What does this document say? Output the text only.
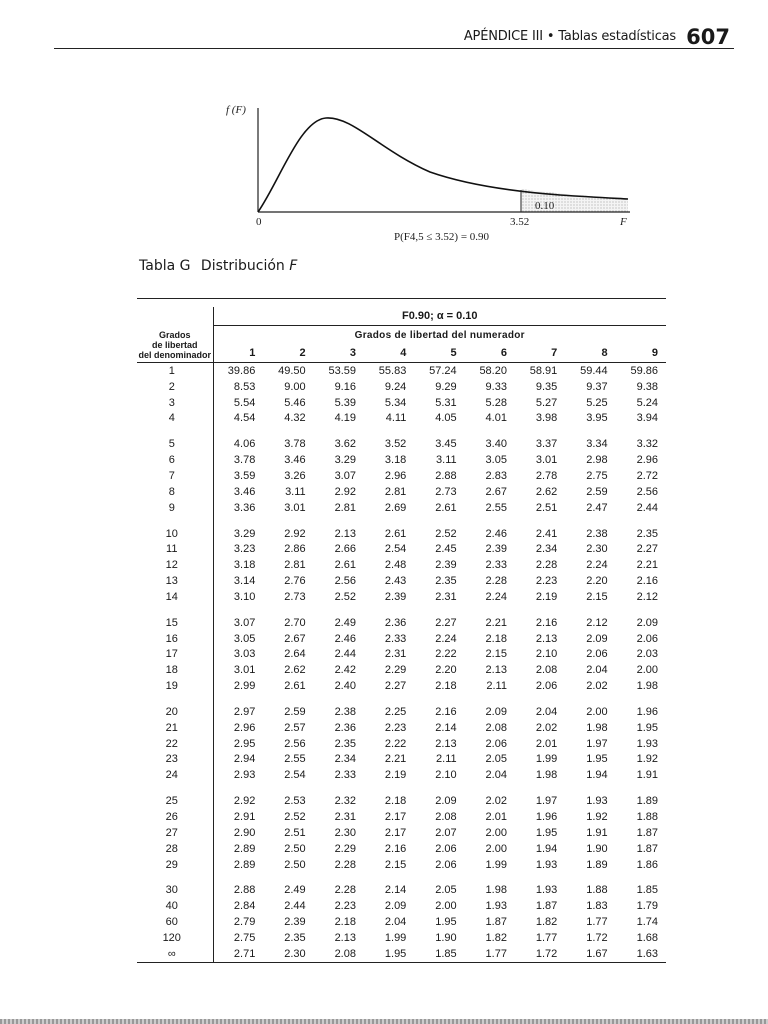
APÉNDICE III • Tablas estadísticas 607
f (F)
0	3.52	F
0.10
P(F4,5 ≤ 3.52) = 0.90
Tabla G Distribución F

	F0.90; α = 0.10								

Grados
de libertad
del denominador	Grados de libertad del numerador								
	1	2	3	4	5	6	7	8	9
1	39.86	49.50	53.59	55.83	57.24	58.20	58.91	59.44	59.86
2	8.53	9.00	9.16	9.24	9.29	9.33	9.35	9.37	9.38
3	5.54	5.46	5.39	5.34	5.31	5.28	5.27	5.25	5.24
4	4.54	4.32	4.19	4.11	4.05	4.01	3.98	3.95	3.94
5	4.06	3.78	3.62	3.52	3.45	3.40	3.37	3.34	3.32
6	3.78	3.46	3.29	3.18	3.11	3.05	3.01	2.98	2.96
7	3.59	3.26	3.07	2.96	2.88	2.83	2.78	2.75	2.72
8	3.46	3.11	2.92	2.81	2.73	2.67	2.62	2.59	2.56
9	3.36	3.01	2.81	2.69	2.61	2.55	2.51	2.47	2.44
10	3.29	2.92	2.13	2.61	2.52	2.46	2.41	2.38	2.35
11	3.23	2.86	2.66	2.54	2.45	2.39	2.34	2.30	2.27
12	3.18	2.81	2.61	2.48	2.39	2.33	2.28	2.24	2.21
13	3.14	2.76	2.56	2.43	2.35	2.28	2.23	2.20	2.16
14	3.10	2.73	2.52	2.39	2.31	2.24	2.19	2.15	2.12
15	3.07	2.70	2.49	2.36	2.27	2.21	2.16	2.12	2.09
16	3.05	2.67	2.46	2.33	2.24	2.18	2.13	2.09	2.06
17	3.03	2.64	2.44	2.31	2.22	2.15	2.10	2.06	2.03
18	3.01	2.62	2.42	2.29	2.20	2.13	2.08	2.04	2.00
19	2.99	2.61	2.40	2.27	2.18	2.11	2.06	2.02	1.98
20	2.97	2.59	2.38	2.25	2.16	2.09	2.04	2.00	1.96
21	2.96	2.57	2.36	2.23	2.14	2.08	2.02	1.98	1.95
22	2.95	2.56	2.35	2.22	2.13	2.06	2.01	1.97	1.93
23	2.94	2.55	2.34	2.21	2.11	2.05	1.99	1.95	1.92
24	2.93	2.54	2.33	2.19	2.10	2.04	1.98	1.94	1.91
25	2.92	2.53	2.32	2.18	2.09	2.02	1.97	1.93	1.89
26	2.91	2.52	2.31	2.17	2.08	2.01	1.96	1.92	1.88
27	2.90	2.51	2.30	2.17	2.07	2.00	1.95	1.91	1.87
28	2.89	2.50	2.29	2.16	2.06	2.00	1.94	1.90	1.87
29	2.89	2.50	2.28	2.15	2.06	1.99	1.93	1.89	1.86
30	2.88	2.49	2.28	2.14	2.05	1.98	1.93	1.88	1.85
40	2.84	2.44	2.23	2.09	2.00	1.93	1.87	1.83	1.79
60	2.79	2.39	2.18	2.04	1.95	1.87	1.82	1.77	1.74
120	2.75	2.35	2.13	1.99	1.90	1.82	1.77	1.72	1.68
∞	2.71	2.30	2.08	1.95	1.85	1.77	1.72	1.67	1.63
